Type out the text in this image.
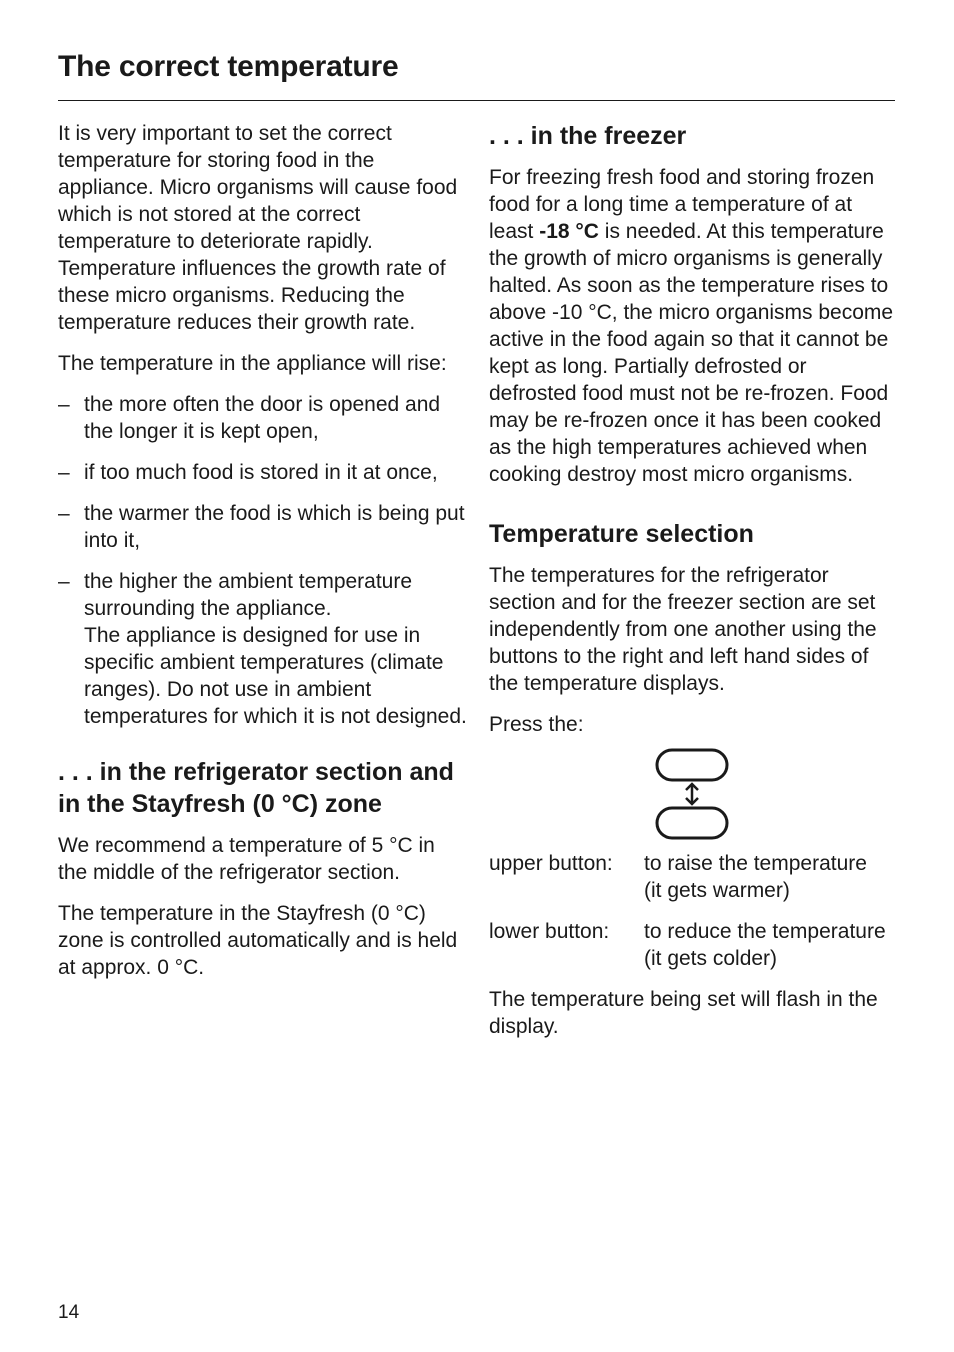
The correct temperature

It is very important to set the correct temperature for storing food in the appliance. Micro organisms will cause food which is not stored at the correct temperature to deteriorate rapidly. Temperature influences the growth rate of these micro organisms. Reducing the temperature reduces their growth rate.

The temperature in the appliance will rise:

– the more often the door is opened and the longer it is kept open,
– if too much food is stored in it at once,
– the warmer the food is which is being put into it,
– the higher the ambient temperature surrounding the appliance.
The appliance is designed for use in specific ambient temperatures (climate ranges). Do not use in ambient temperatures for which it is not designed.
. . . in the refrigerator section and in the Stayfresh (0 °C) zone

We recommend a temperature of 5 °C in the middle of the refrigerator section.

The temperature in the Stayfresh (0 °C) zone is controlled automatically and is held at approx. 0 °C.

. . . in the freezer

For freezing fresh food and storing frozen food for a long time a temperature of at least -18 °C is needed. At this temperature the growth of micro organisms is generally halted. As soon as the temperature rises to above -10 °C, the micro organisms become active in the food again so that it cannot be kept as long. Partially defrosted or defrosted food must not be re-frozen. Food may be re-frozen once it has been cooked as the high temperatures achieved when cooking destroy most micro organisms.

Temperature selection

The temperatures for the refrigerator section and for the freezer section are set independently from one another using the buttons to the right and left hand sides of the temperature displays.

Press the:

upper button:	to raise the temperature
(it gets warmer)
lower button:	to reduce the temperature
(it gets colder)

The temperature being set will flash in the display.

14
